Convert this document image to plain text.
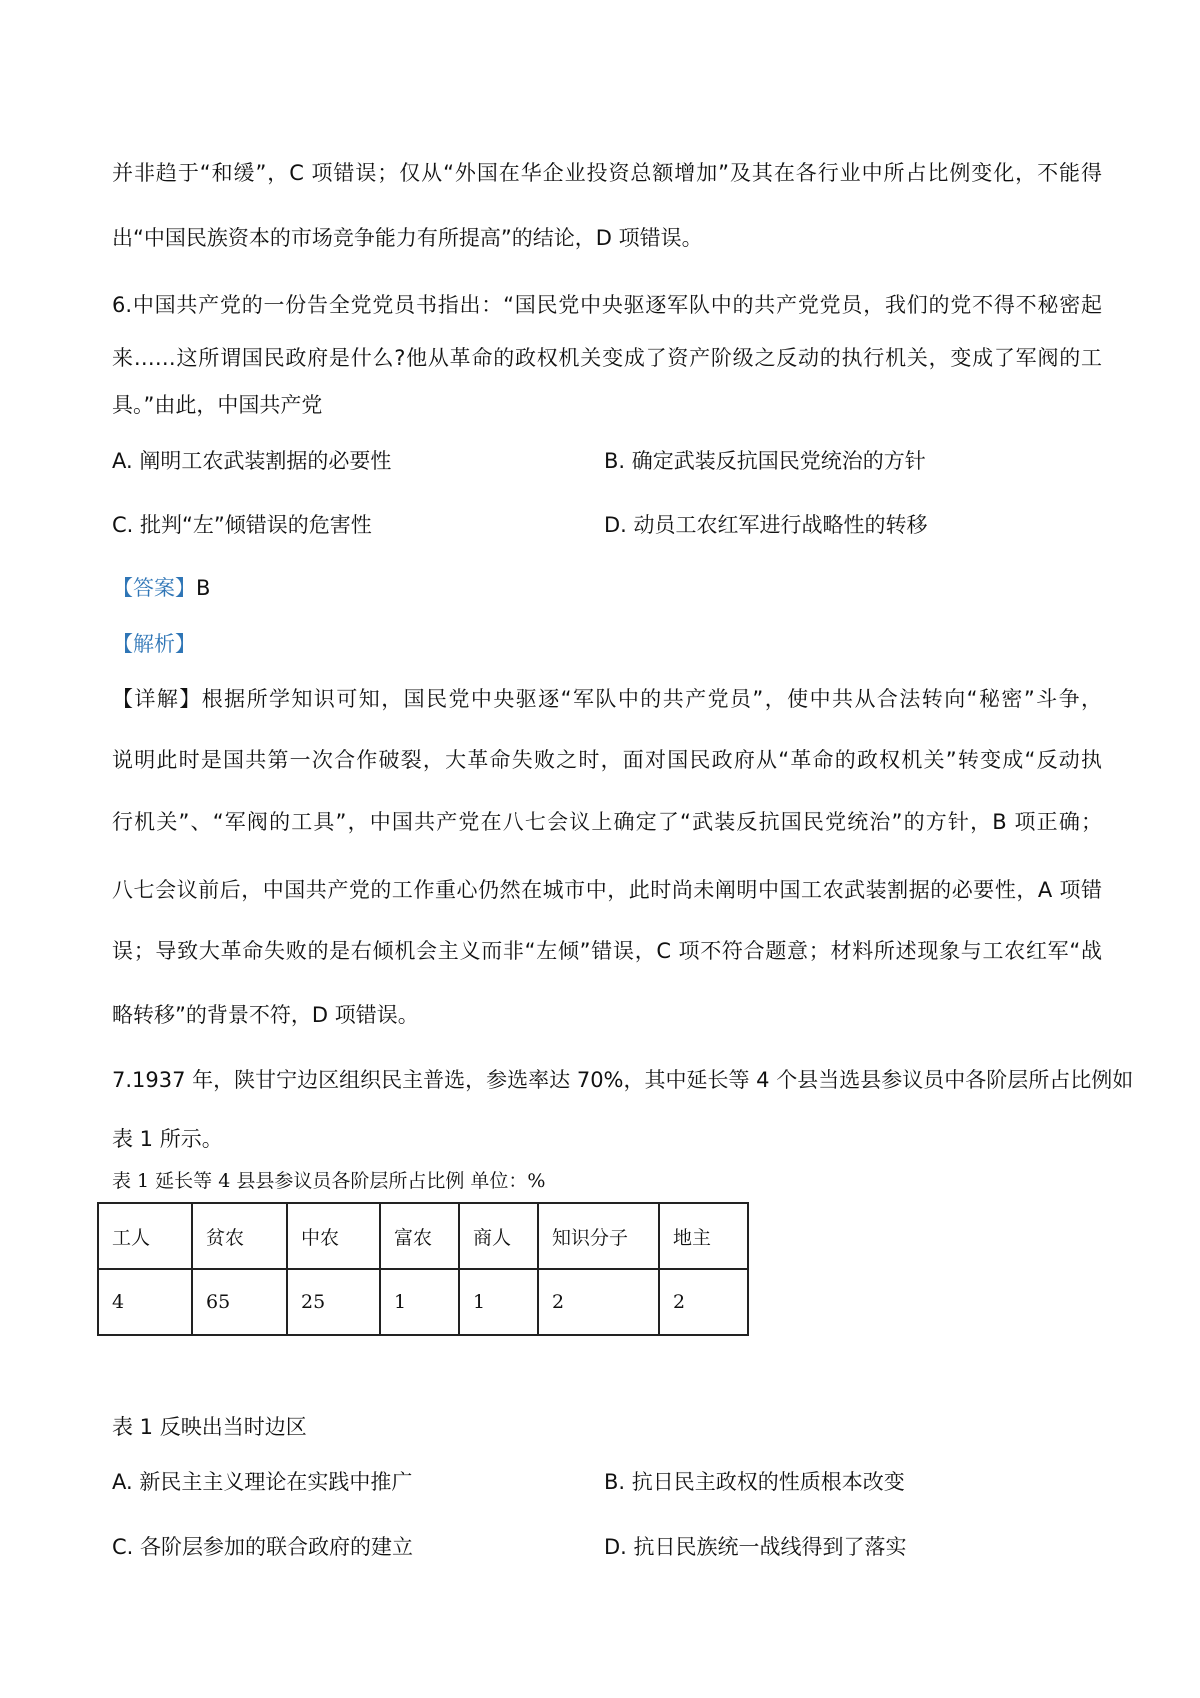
并非趋于“和缓”，C 项错误；仅从“外国在华企业投资总额增加”及其在各行业中所占比例变化，不能得
出“中国民族资本的市场竞争能力有所提高”的结论，D 项错误。
6.中国共产党的一份告全党党员书指出：“国民党中央驱逐军队中的共产党党员，我们的党不得不秘密起
来……这所谓国民政府是什么?他从革命的政权机关变成了资产阶级之反动的执行机关，变成了军阀的工
具。”由此，中国共产党
A. 阐明工农武装割据的必要性	B. 确定武装反抗国民党统治的方针
C. 批判“左”倾错误的危害性	D. 动员工农红军进行战略性的转移
【答案】B
【解析】
【详解】根据所学知识可知，国民党中央驱逐“军队中的共产党员”，使中共从合法转向“秘密”斗争，
说明此时是国共第一次合作破裂，大革命失败之时，面对国民政府从“革命的政权机关”转变成“反动执
行机关”、“军阀的工具”，中国共产党在八七会议上确定了“武装反抗国民党统治”的方针，B 项正确；
八七会议前后，中国共产党的工作重心仍然在城市中，此时尚未阐明中国工农武装割据的必要性，A 项错
误；导致大革命失败的是右倾机会主义而非“左倾”错误，C 项不符合题意；材料所述现象与工农红军“战
略转移”的背景不符，D 项错误。
7.1937 年，陕甘宁边区组织民主普选，参选率达 70%，其中延长等 4 个县当选县参议员中各阶层所占比例如
表 1 所示。
表 1 延长等 4 县县参议员各阶层所占比例 单位：%
工人	贫农	中农	富农	商人	知识分子	地主
4	65	25	1	1	2	2
表 1 反映出当时边区
A. 新民主主义理论在实践中推广	B. 抗日民主政权的性质根本改变
C. 各阶层参加的联合政府的建立	D. 抗日民族统一战线得到了落实
